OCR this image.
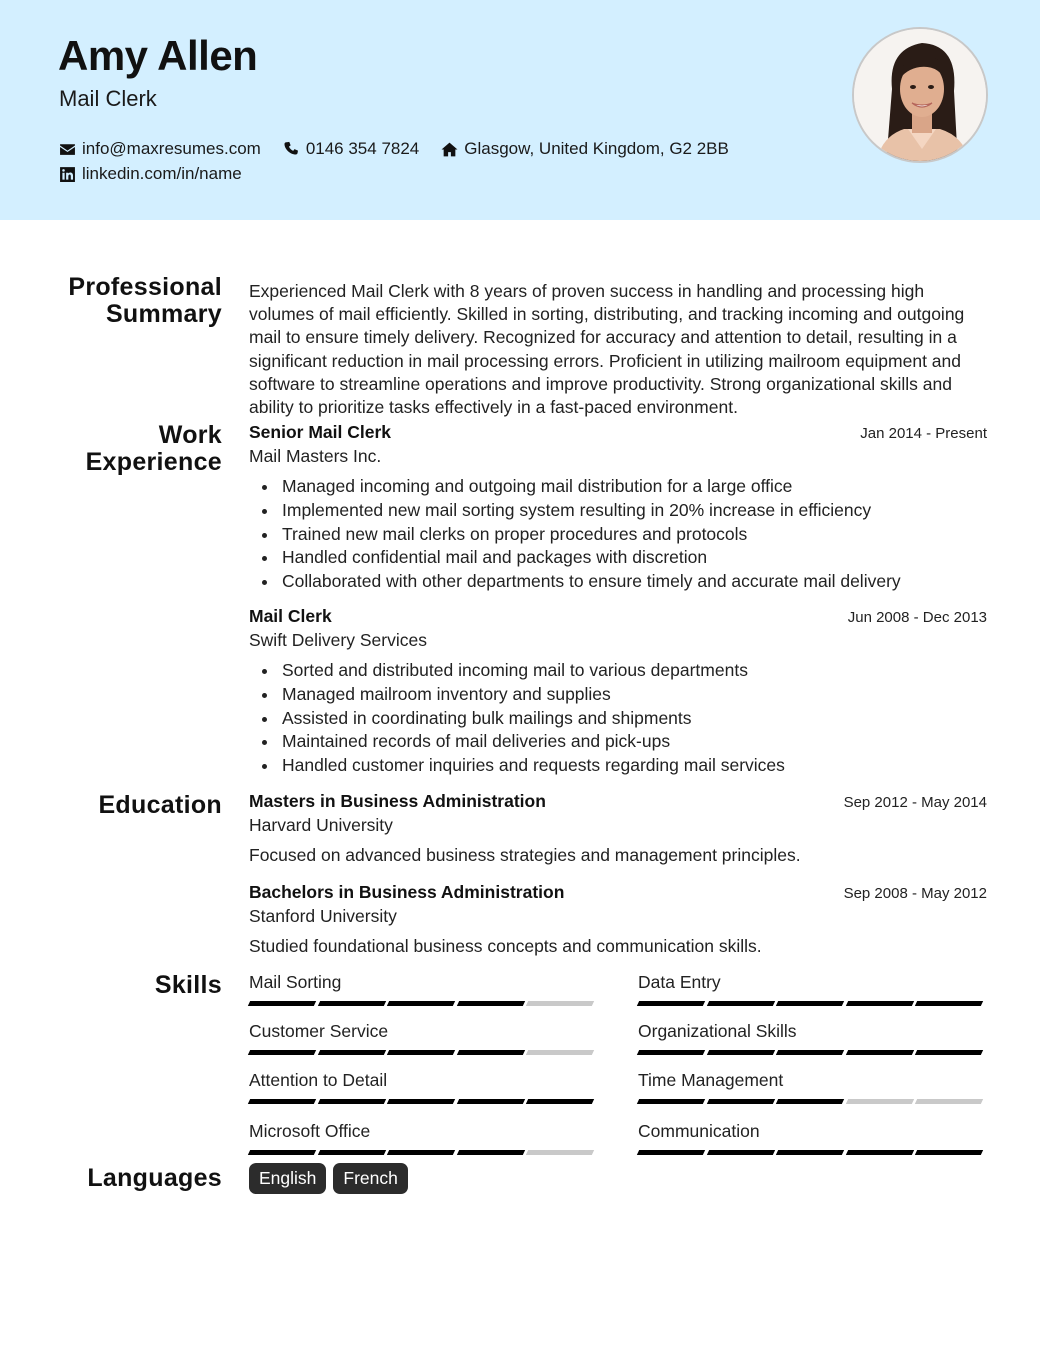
Amy Allen
Mail Clerk
info@maxresumes.com	0146 354 7824	Glasgow, United Kingdom, G2 2BB
linkedin.com/in/name
Professional
Summary
Experienced Mail Clerk with 8 years of proven success in handling and processing high volumes of mail efficiently. Skilled in sorting, distributing, and tracking incoming and outgoing mail to ensure timely delivery. Recognized for accuracy and attention to detail, resulting in a significant reduction in mail processing errors. Proficient in utilizing mailroom equipment and software to streamline operations and improve productivity. Strong organizational skills and ability to prioritize tasks effectively in a fast-paced environment.
Work
Experience
Senior Mail Clerk	Jan 2014 - Present
Mail Masters Inc.
Managed incoming and outgoing mail distribution for a large office
Implemented new mail sorting system resulting in 20% increase in efficiency
Trained new mail clerks on proper procedures and protocols
Handled confidential mail and packages with discretion
Collaborated with other departments to ensure timely and accurate mail delivery
Mail Clerk	Jun 2008 - Dec 2013
Swift Delivery Services
Sorted and distributed incoming mail to various departments
Managed mailroom inventory and supplies
Assisted in coordinating bulk mailings and shipments
Maintained records of mail deliveries and pick-ups
Handled customer inquiries and requests regarding mail services
Education Masters in Business Administration	Sep 2012 - May 2014
Harvard University
Focused on advanced business strategies and management principles.
Bachelors in Business Administration	Sep 2008 - May 2012
Stanford University
Studied foundational business concepts and communication skills.
Skills Mail Sorting	Data Entry
Customer Service	Organizational Skills
Attention to Detail	Time Management
Microsoft Office	Communication
Languages	English	French
